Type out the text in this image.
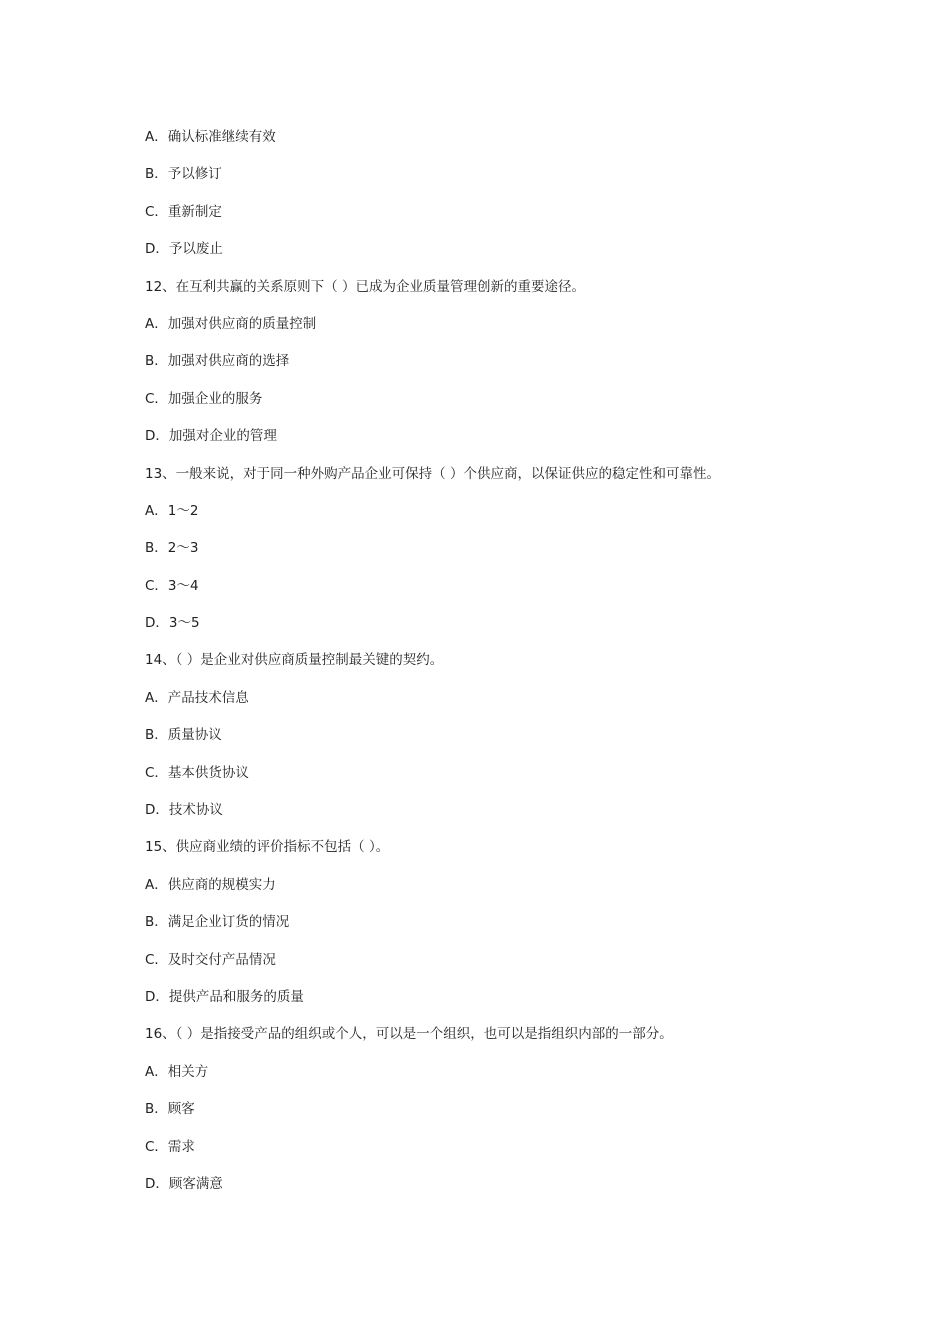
A．确认标准继续有效
B．予以修订
C．重新制定
D．予以废止
12、在互利共赢的关系原则下（ ）已成为企业质量管理创新的重要途径。
A．加强对供应商的质量控制
B．加强对供应商的选择
C．加强企业的服务
D．加强对企业的管理
13、一般来说，对于同一种外购产品企业可保持（ ）个供应商，以保证供应的稳定性和可靠性。
A．1～2
B．2～3
C．3～4
D．3～5
14、（ ）是企业对供应商质量控制最关键的契约。
A．产品技术信息
B．质量协议
C．基本供货协议
D．技术协议
15、供应商业绩的评价指标不包括（ ）。
A．供应商的规模实力
B．满足企业订货的情况
C．及时交付产品情况
D．提供产品和服务的质量
16、（ ）是指接受产品的组织或个人，可以是一个组织，也可以是指组织内部的一部分。
A．相关方
B．顾客
C．需求
D．顾客满意
